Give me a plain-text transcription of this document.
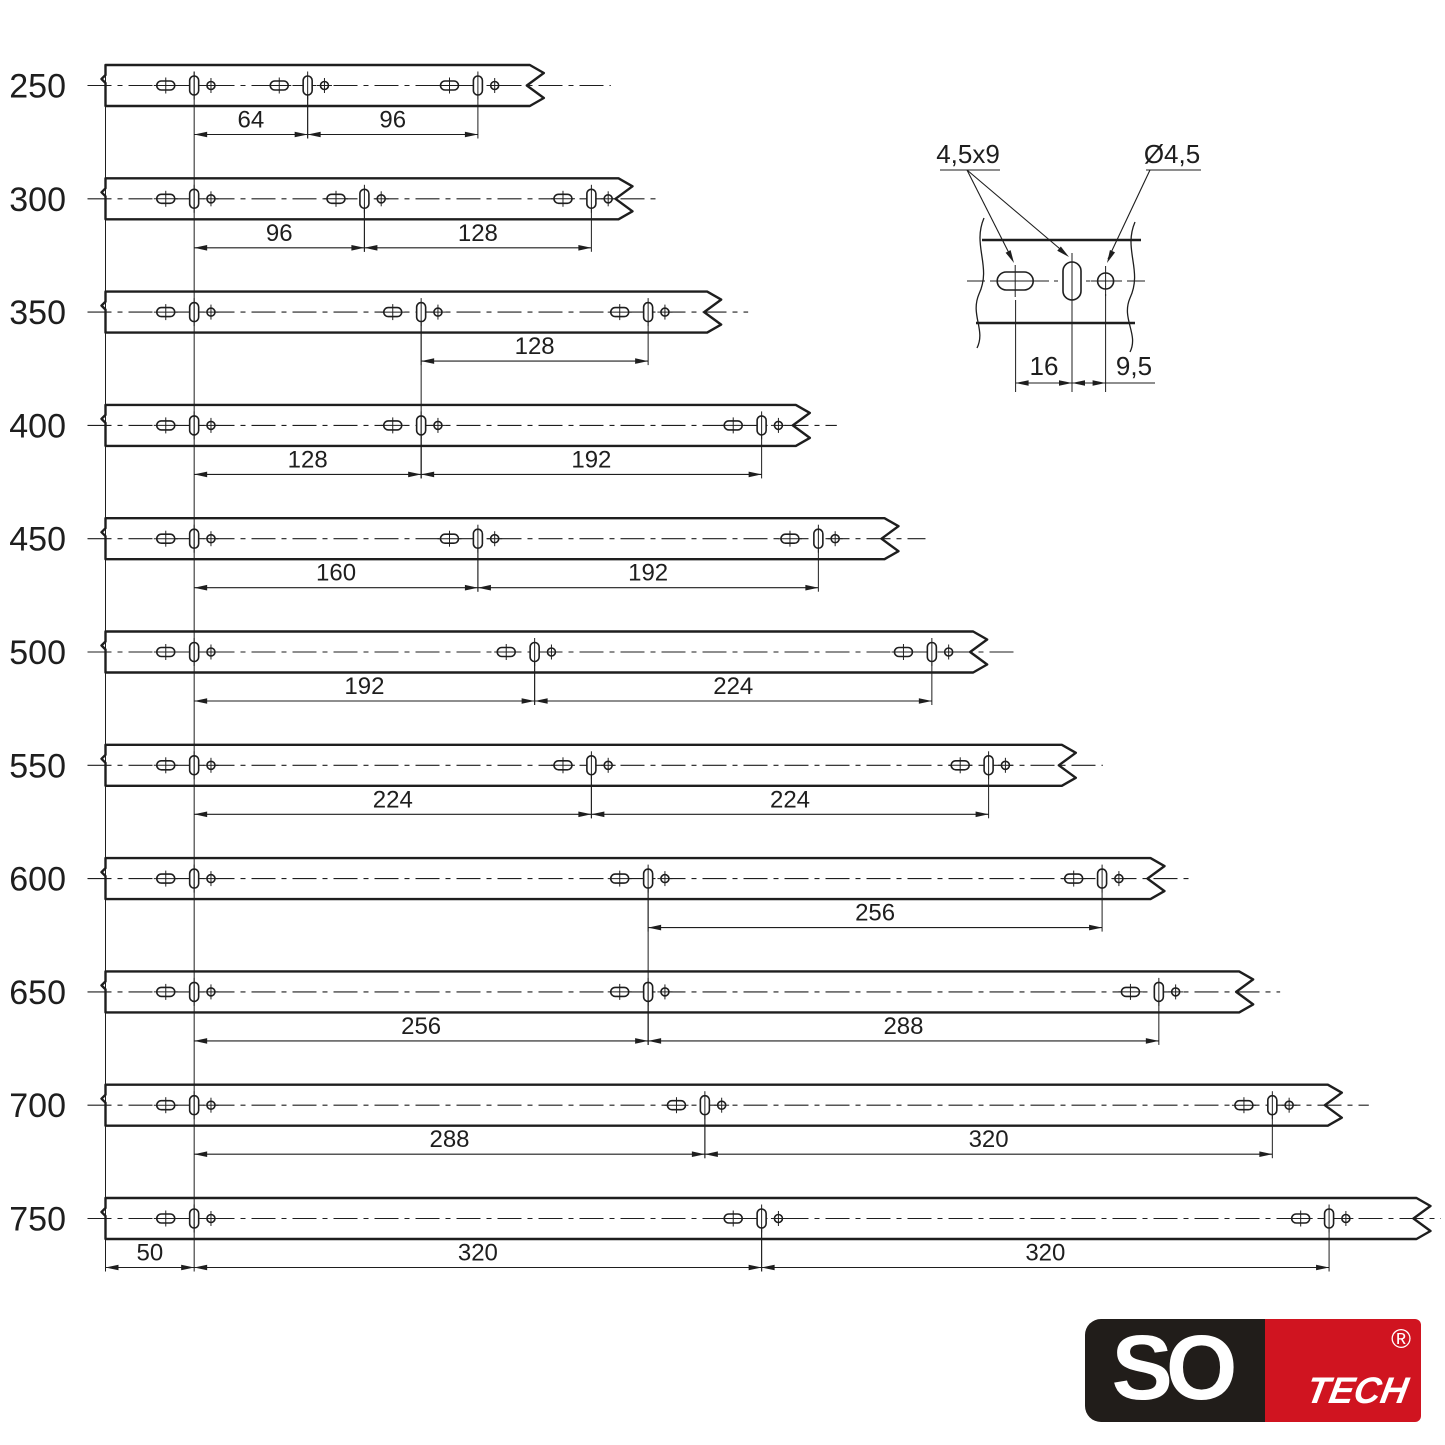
250
64	96
300
96	128
350
128
400
128	192
450
160	192
500
192	224
550
224	224
600
256
650
256	288
700
288	320
750
50	320	320
4,5x9	Ø4,5
16 9,5
SO	®
TECH
